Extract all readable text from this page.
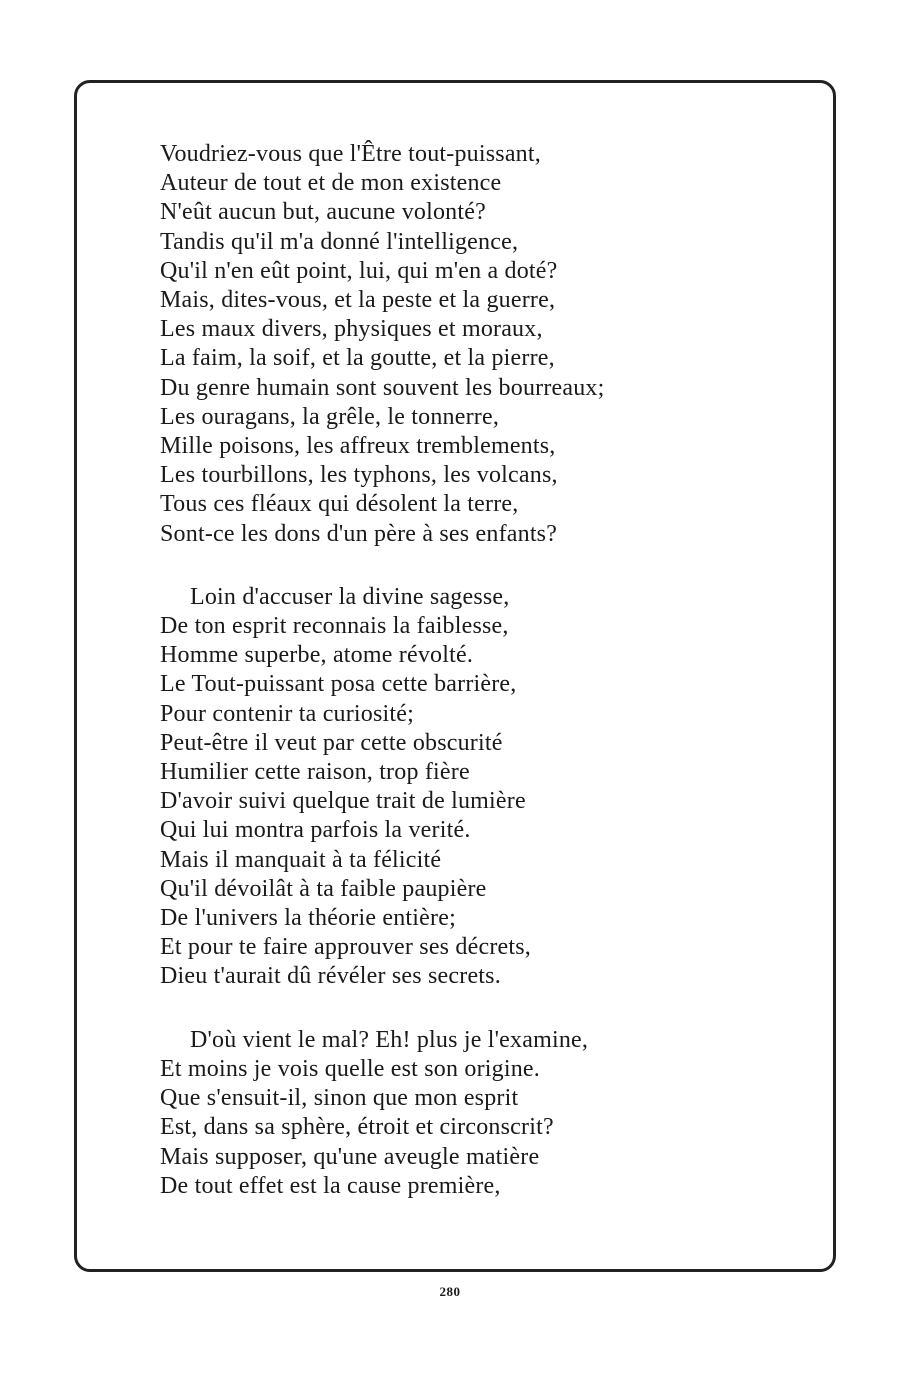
Voudriez-vous que l'Être tout-puissant,
Auteur de tout et de mon existence
N'eût aucun but, aucune volonté?
Tandis qu'il m'a donné l'intelligence,
Qu'il n'en eût point, lui, qui m'en a doté?
Mais, dites-vous, et la peste et la guerre,
Les maux divers, physiques et moraux,
La faim, la soif, et la goutte, et la pierre,
Du genre humain sont souvent les bourreaux;
Les ouragans, la grêle, le tonnerre,
Mille poisons, les affreux tremblements,
Les tourbillons, les typhons, les volcans,
Tous ces fléaux qui désolent la terre,
Sont-ce les dons d'un père à ses enfants?
Loin d'accuser la divine sagesse,
De ton esprit reconnais la faiblesse,
Homme superbe, atome révolté.
Le Tout-puissant posa cette barrière,
Pour contenir ta curiosité;
Peut-être il veut par cette obscurité
Humilier cette raison, trop fière
D'avoir suivi quelque trait de lumière
Qui lui montra parfois la verité.
Mais il manquait à ta félicité
Qu'il dévoilât à ta faible paupière
De l'univers la théorie entière;
Et pour te faire approuver ses décrets,
Dieu t'aurait dû révéler ses secrets.
D'où vient le mal? Eh! plus je l'examine,
Et moins je vois quelle est son origine.
Que s'ensuit-il, sinon que mon esprit
Est, dans sa sphère, étroit et circonscrit?
Mais supposer, qu'une aveugle matière
De tout effet est la cause première,
280
